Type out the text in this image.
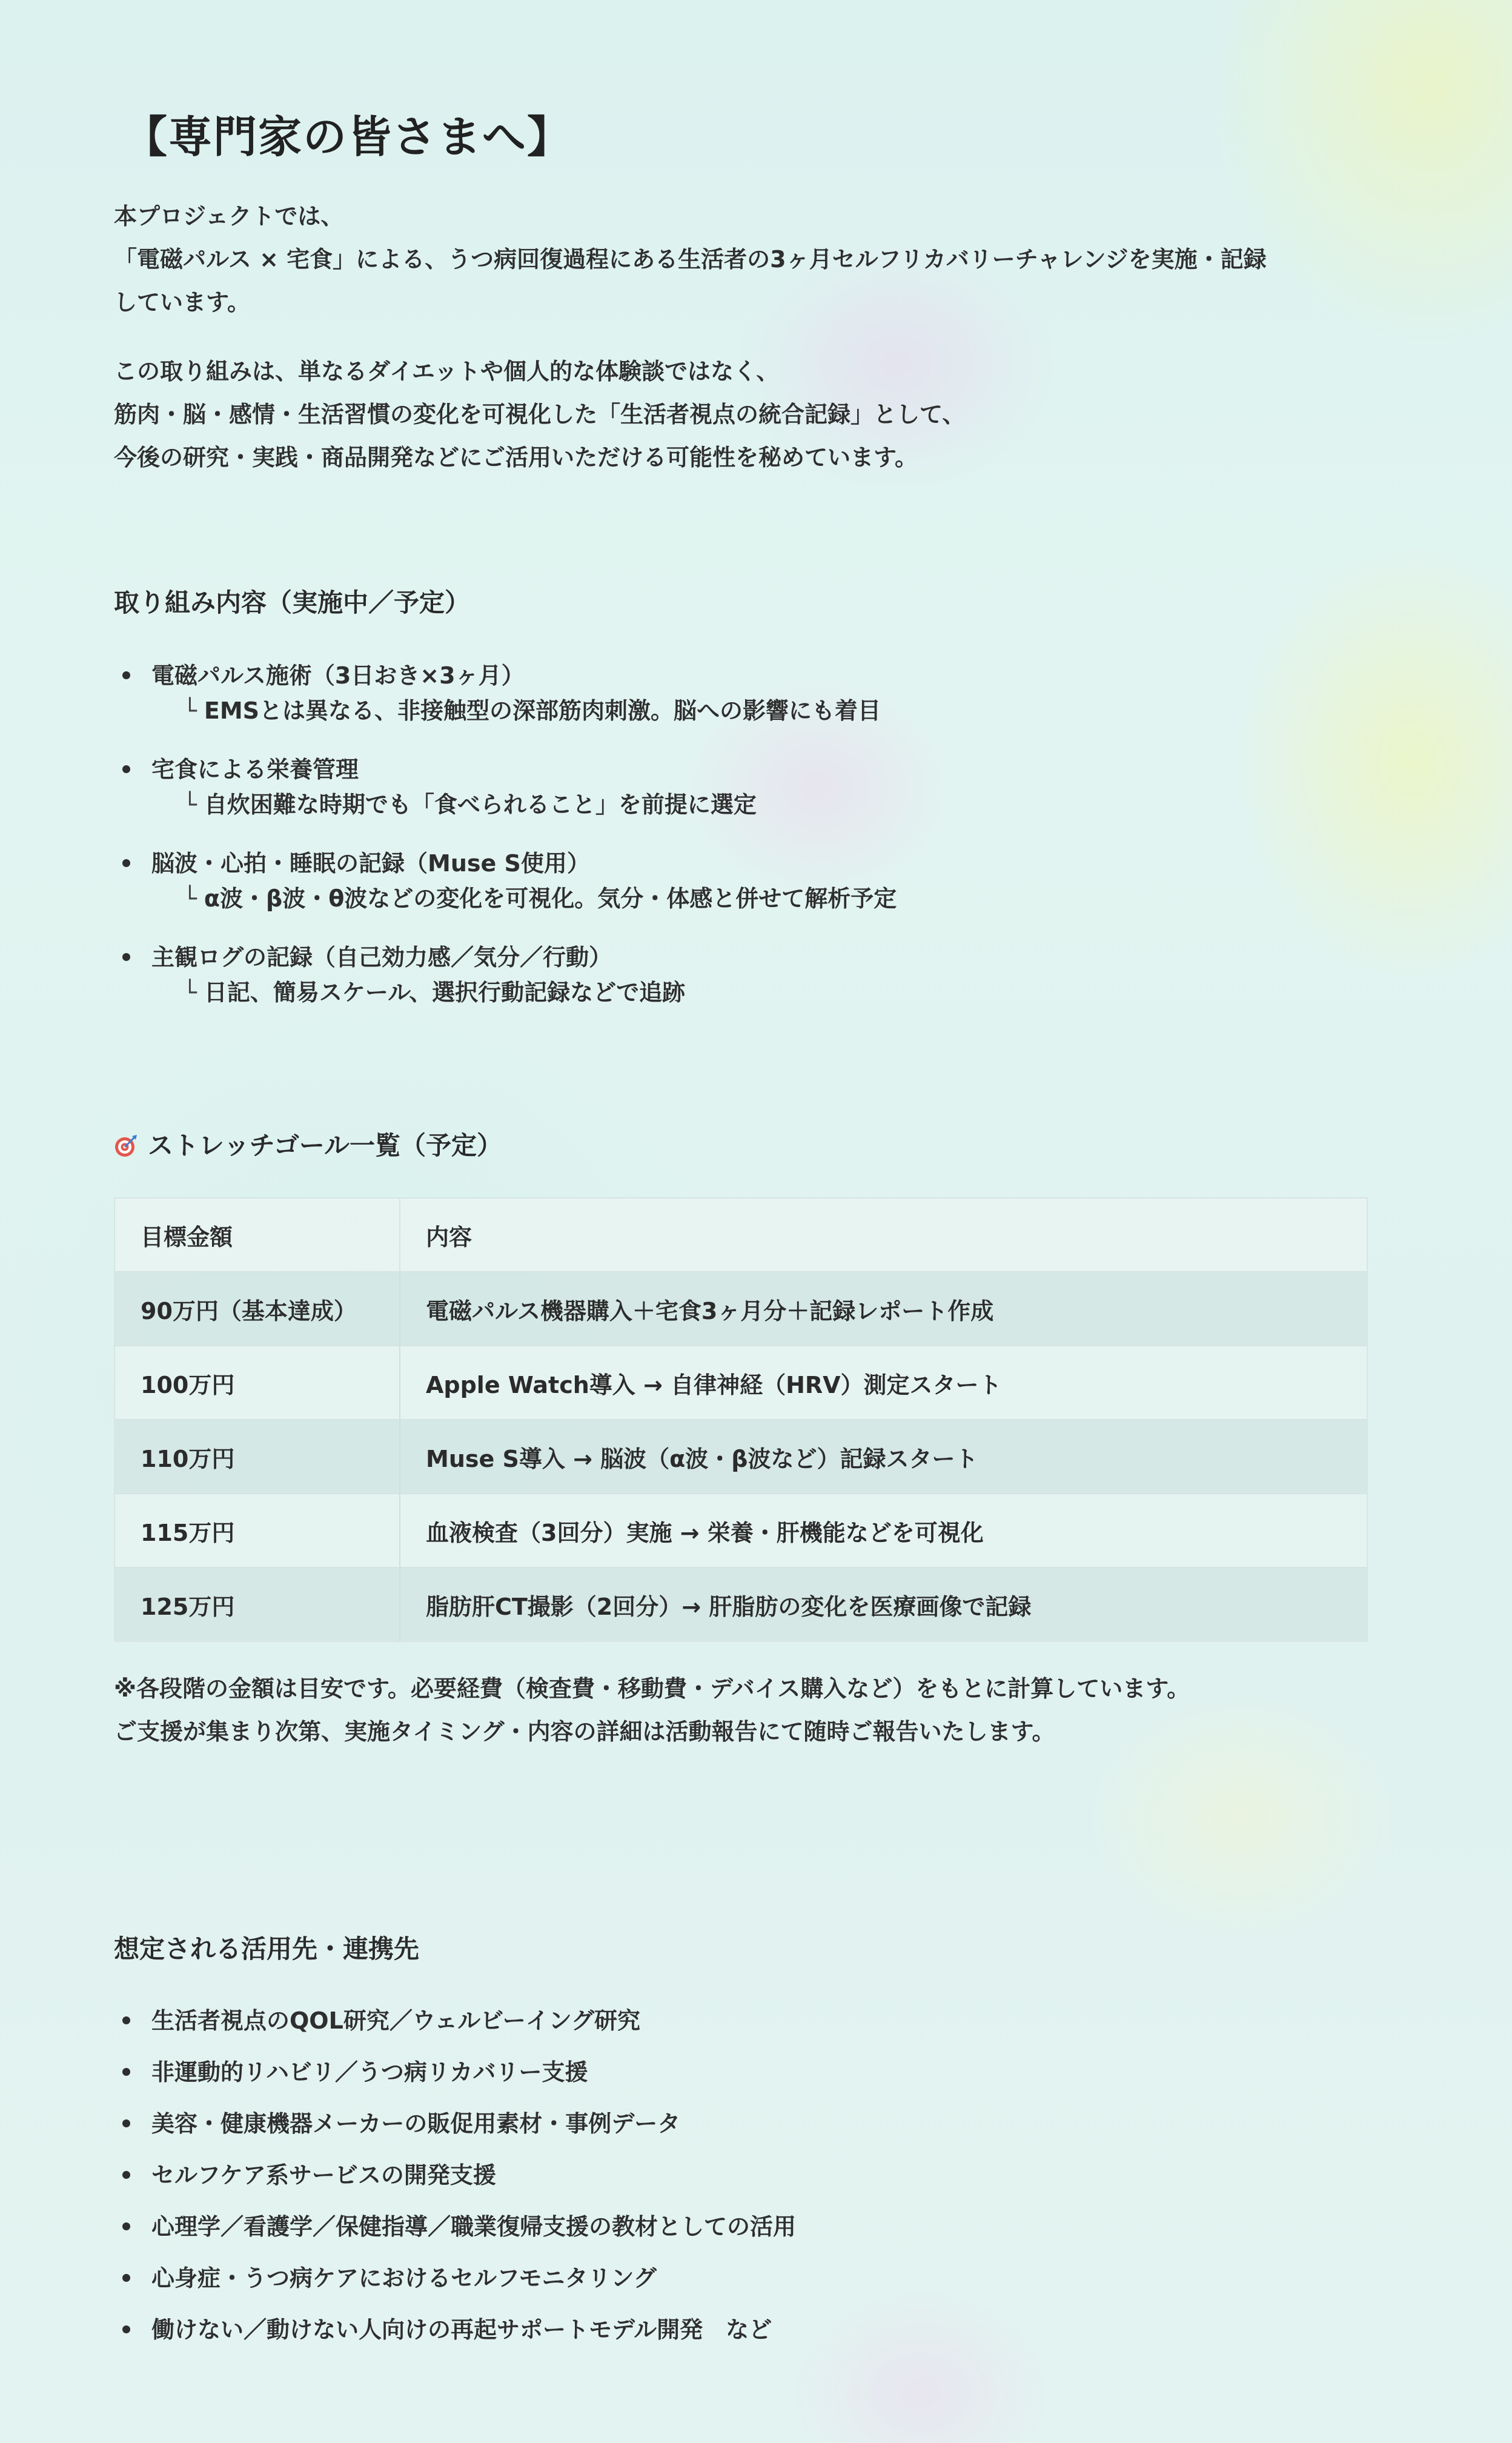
【専門家の皆さまへ】

本プロジェクトでは、
「電磁パルス × 宅食」による、うつ病回復過程にある生活者の3ヶ月セルフリカバリーチャレンジを実施・記録
しています。

この取り組みは、単なるダイエットや個人的な体験談ではなく、
筋肉・脳・感情・生活習慣の変化を可視化した「生活者視点の統合記録」として、
今後の研究・実践・商品開発などにご活用いただける可能性を秘めています。

取り組み内容（実施中／予定）
電磁パルス施術（3日おき×3ヶ月）
└ EMSとは異なる、非接触型の深部筋肉刺激。脳への影響にも着目
宅食による栄養管理
└ 自炊困難な時期でも「食べられること」を前提に選定
脳波・心拍・睡眠の記録（Muse S使用）
└ α波・β波・θ波などの変化を可視化。気分・体感と併せて解析予定
主観ログの記録（自己効力感／気分／行動）
└ 日記、簡易スケール、選択行動記録などで追跡
ストレッチゴール一覧（予定）
目標金額	内容
90万円（基本達成）	電磁パルス機器購入＋宅食3ヶ月分＋記録レポート作成
100万円	Apple Watch導入 → 自律神経（HRV）測定スタート
110万円	Muse S導入 → 脳波（α波・β波など）記録スタート
115万円	血液検査（3回分）実施 → 栄養・肝機能などを可視化
125万円	脂肪肝CT撮影（2回分）→ 肝脂肪の変化を医療画像で記録

※各段階の金額は目安です。必要経費（検査費・移動費・デバイス購入など）をもとに計算しています。
ご支援が集まり次第、実施タイミング・内容の詳細は活動報告にて随時ご報告いたします。

想定される活用先・連携先
生活者視点のQOL研究／ウェルビーイング研究
非運動的リハビリ／うつ病リカバリー支援
美容・健康機器メーカーの販促用素材・事例データ
セルフケア系サービスの開発支援
心理学／看護学／保健指導／職業復帰支援の教材としての活用
心身症・うつ病ケアにおけるセルフモニタリング
働けない／動けない人向けの再起サポートモデル開発　など
